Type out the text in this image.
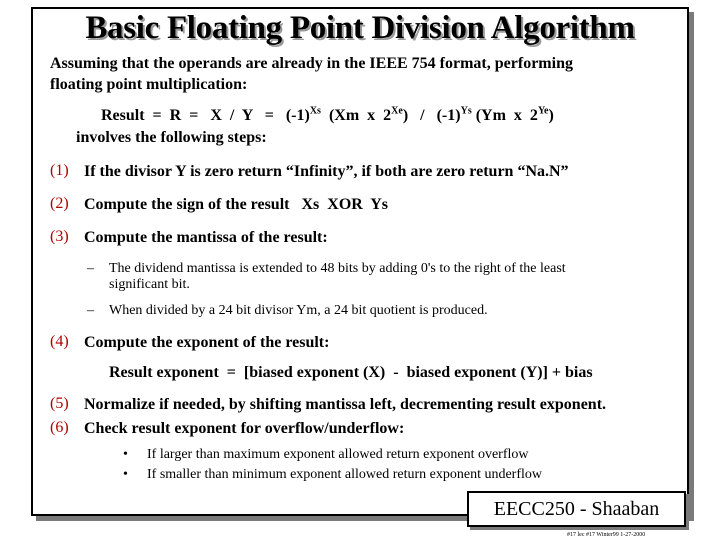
Basic Floating Point Division Algorithm
Assuming that the operands are already in the IEEE 754 format, performing
floating point multiplication:
Result  =  $R = X / Y = (-1)^{Xs}$  (Xm  x  $2^{Xe}) / (-1)^{Ys}$ (Ym  x  $2^{Ye}$)
involves the following steps:
(1) If the divisor Y is zero return “Infinity”, if both are zero return “Na.N”
(2) Compute the sign of the result   Xs  XOR  Ys
(3) Compute the mantissa of the result:
– The dividend mantissa is extended to 48 bits by adding 0's to the right of the least
significant bit.
– When divided by a 24 bit divisor Ym, a 24 bit quotient is produced.
(4) Compute the exponent of the result:
Result exponent  =  [biased exponent (X)  -  biased exponent (Y)] + bias
(5) Normalize if needed, by shifting mantissa left, decrementing result exponent.
(6) Check result exponent for overflow/underflow:
• If larger than maximum exponent allowed return exponent overflow
• If smaller than minimum exponent allowed return exponent underflow
EECC250 - Shaaban
#17 lec #17 Winter99 1-27-2000
